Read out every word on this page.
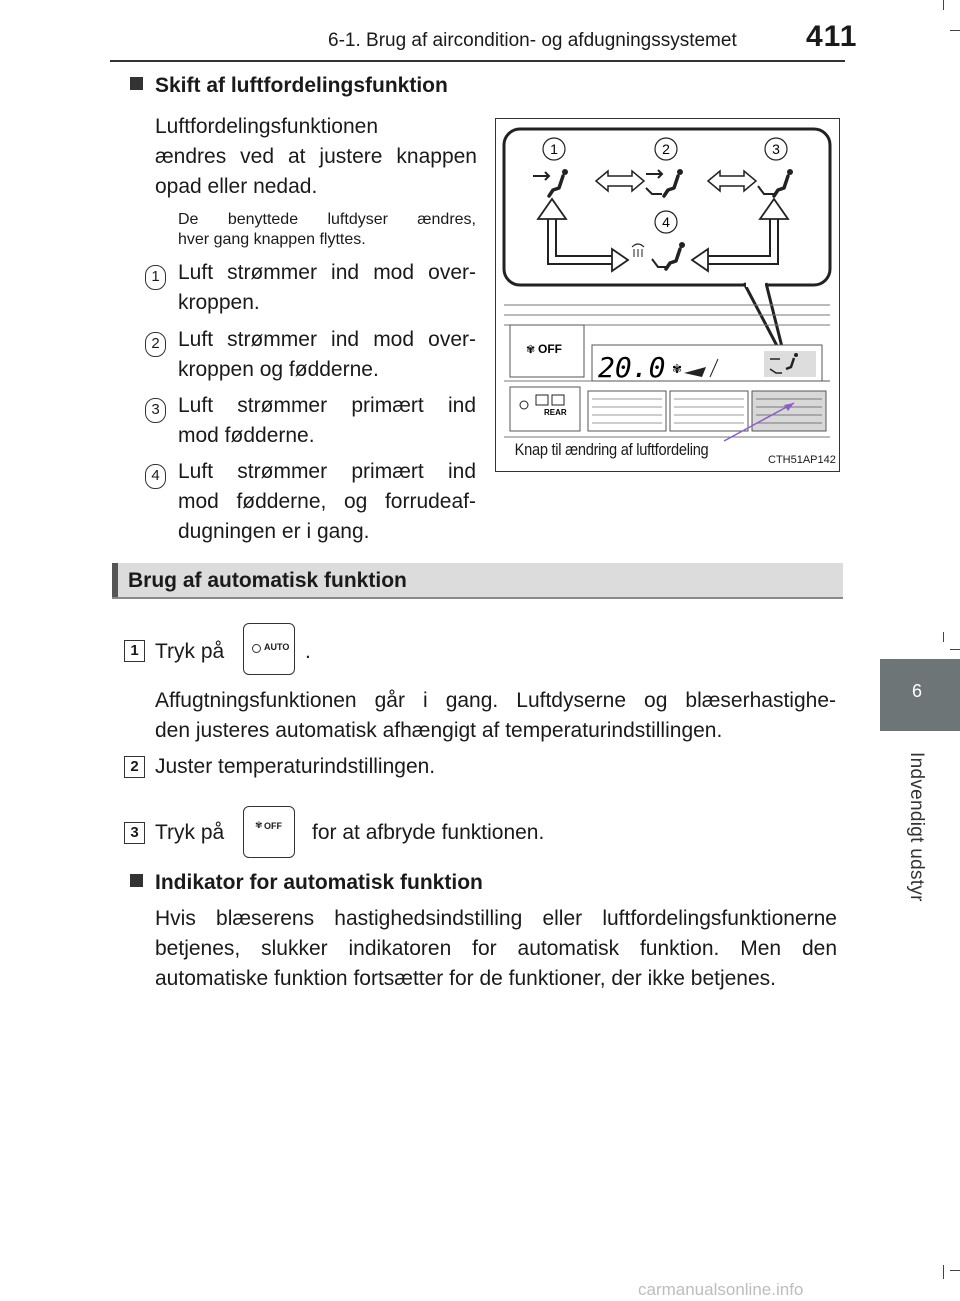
6-1. Brug af aircondition- og afdugningssystemet 411
6
Indvendigt udstyr
Skift af luftfordelingsfunktion
Luftfordelingsfunktionen
ændres ved at justere knappen
opad eller nedad.
De benyttede luftdyser ændres,
hver gang knappen flyttes.
1 Luft strømmer ind mod over-
kroppen.
2 Luft strømmer ind mod over-
kroppen og fødderne.
3 Luft strømmer primært ind
mod fødderne.
4 Luft strømmer primært ind
mod fødderne, og forrudeaf-
dugningen er i gang.
1	2	3
4
OFF
✾
20.0 ✾
REAR
Knap til ændring af luftfordeling
CTH51AP142
Brug af automatisk funktion
1 Tryk på	AUTO .
Affugtningsfunktionen går i gang. Luftdyserne og blæserhastighe-
den justeres automatisk afhængigt af temperaturindstillingen.
2 Juster temperaturindstillingen.
3 Tryk på	✾ OFF for at afbryde funktionen.
Indikator for automatisk funktion
Hvis blæserens hastighedsindstilling eller luftfordelingsfunktionerne
betjenes, slukker indikatoren for automatisk funktion. Men den
automatiske funktion fortsætter for de funktioner, der ikke betjenes.
carmanualsonline.info
